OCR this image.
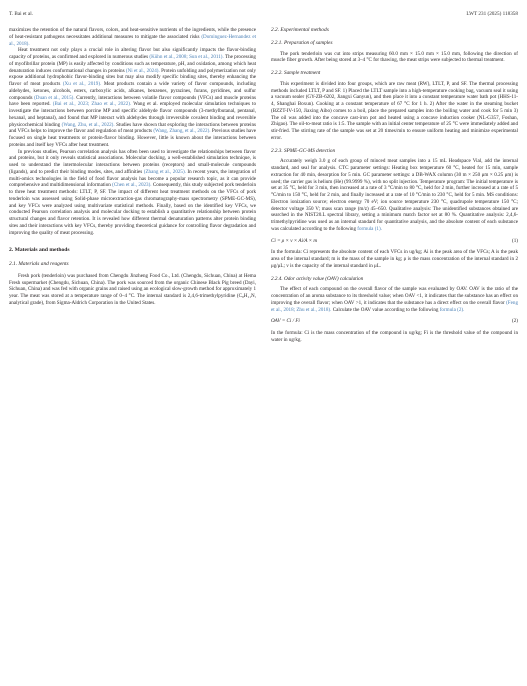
T. Bai et al.	LWT 231 (2025) 118358

maximizes the retention of the natural flavors, colors, and heat-sensitive nutrients of the ingredients, while the presence of heat-resistant pathogens necessitates additional measures to mitigate the associated risks (Dominguez-Hernandez et al., 2018).

Heat treatment not only plays a crucial role in altering flavor but also significantly impacts the flavor-binding capacity of proteins, as confirmed and explored in numerous studies (Kühn et al., 2008; Sun et al., 2011). The processing of myofibrillar protein (MP) is easily affected by conditions such as temperature, pH, and oxidation, among which heat denaturation induces conformational changes in proteins (Ni et al., 2024). Protein unfolding and polymerization not only expose additional hydrophobic flavor-binding sites but may also modify specific binding sites, thereby enhancing the flavor of meat products (Xu et al., 2019). Meat products contain a wide variety of flavor compounds, including aldehydes, ketones, alcohols, esters, carboxylic acids, alkanes, benzenes, pyrazines, furans, pyridines, and sulfur compounds (Duan et al., 2015). Currently, interactions between volatile flavor compounds (VFCs) and muscle proteins have been reported. (Bai et al., 2023; Zhao et al., 2022). Wang et al. employed molecular simulation techniques to investigate the interactions between porcine MP and specific aldehyde flavor compounds (3-methylbutanal, pentanal, hexanal, and heptanal), and found that MP interact with aldehydes through irreversible covalent binding and reversible physicochemical binding (Wang, Zhu, et al., 2022). Studies have shown that exploring the interactions between proteins and VFCs helps to improve the flavor and regulation of meat products (Wang, Zhang, et al., 2022). Previous studies have focused on single heat treatments or protein-flavor binding. However, little is known about the interactions between proteins and itself key VFCs after heat treatment.

In previous studies, Pearson correlation analysis has often been used to investigate the relationships between flavor and proteins, but it only reveals statistical associations. Molecular docking, a well-established simulation technique, is used to understand the intermolecular interactions between proteins (receptors) and small-molecule compounds (ligands), and to predict their binding modes, sites, and affinities (Zhang et al., 2025). In recent years, the integration of multi-omics technologies in the field of food flavor analysis has become a popular research topic, as it can provide comprehensive and multidimensional information (Chen et al., 2023). Consequently, this study subjected pork tenderloin to three heat treatment methods: LTLT, P, SF. The impact of different heat treatment methods on the VFCs of pork tenderloin was assessed using Solid-phase microextraction-gas chromatography-mass spectrometry (SPME-GC-MS), and key VFCs were analyzed using multivariate statistical methods. Finally, based on the identified key VFCs, we conducted Pearson correlation analysis and molecular docking to establish a quantitative relationship between protein structural changes and flavor retention. It is revealed how different thermal denaturation patterns alter protein binding sites and their interactions with key VFCs, thereby providing theoretical guidance for controlling flavor degradation and improving the quality of meat processing.

2. Materials and methods
2.1. Materials and reagents

Fresh pork (tenderloin) was purchased from Chengdu Jinzheng Food Co., Ltd. (Chengdu, Sichuan, China) at Hema Fresh supermarket (Chengdu, Sichuan, China). The pork was sourced from the organic Chinese Black Pig breed (Dayi, Sichuan, China) and was fed with organic grains and raised using an ecological slow-growth method for approximately 1 year. The meat was stored at a temperature range of 0–4 °C. The internal standard is 2,4,6-trimethylpyridine (C₈H₁₁N, analytical grade), from Sigma-Aldrich Corporation in the United States.

2.2. Experimental methods
2.2.1. Preparation of samples

The pork tenderloin was cut into strips measuring 60.0 mm × 15.0 mm × 15.0 mm, following the direction of muscle fiber growth. After being stored at 3–4 °C for thawing, the meat strips were subjected to thermal treatment.

2.2.2. Sample treatment

This experiment is divided into four groups, which are raw meat (RW), LTLT, P, and SF. The thermal processing methods included LTLT, P and SF. 1) Placed the LTLT sample into a high-temperature cooking bag, vacuum seal it using a vacuum sealer (GY-ZB-6202, Jiangxi Ganyun), and then place it into a constant temperature water bath pot (HHS-11-4, Shanghai Boxun). Cooking at a constant temperature of 67 °C for 1 h. 2) After the water in the steaming bucket (BZZT-IV-150, Jiaxing Aibo) comes to a boil, place the prepared samples into the boiling water and cook for 5 min 3) The oil was added into the concave cast-iron pot and heated using a concave induction cooker (NL-G357, Foshan, Zhigao). The oil-to-meat ratio is 1:5. The sample with an initial center temperature of 25 °C were immediately added and stir-fried. The stirring rate of the sample was set at 20 times/min to ensure uniform heating and minimize experimental error.

2.2.3. SPME-GC-MS detection

Accurately weigh 3.0 g of each group of minced meat samples into a 15 mL Headspace Vial, add the internal standard, and seal for analysis. CTC parameter settings: Heating box temperature 60 °C, heated for 15 min, sample extraction for 40 min, desorption for 5 min. GC parameter settings: a DB-WAX column (30 m × 250 μm × 0.25 μm) is used; the carrier gas is helium (He) (99.9999 %), with no split injection. Temperature program: The initial temperature is set at 35 °C, held for 3 min, then increased at a rate of 3 °C/min to 80 °C, held for 2 min, further increased at a rate of 5 °C/min to 150 °C, held for 2 min, and finally increased at a rate of 10 °C/min to 230 °C, held for 5 min. MS conditions: Electron ionization source; electron energy 70 eV; ion source temperature 230 °C, quadrupole temperature 150 °C; detector voltage 350 V; mass scan range (m/z) 45–650. Qualitative analysis: The unidentified substances obtained are searched in the NIST20.L spectral library, setting a minimum match factor set at 80 %. Quantitative analysis: 2,4,6-trimethylpyridine was used as an internal standard for quantitative analysis, and the absolute content of each substance was calculated according to the following formula (1).

Ci = ρ × v × Ai/A × m	(1)

In the formula: Ci represents the absolute content of each VFCs in ug/kg; Ai is the peak area of the VFCs; A is the peak area of the internal standard; m is the mass of the sample in kg; ρ is the mass concentration of the internal standard in 2 μg/μL; v is the capacity of the internal standard in μL.

2.2.4. Odor activity value (OAV) calculation

The effect of each compound on the overall flavor of the sample was evaluated by OAV. OAV is the ratio of the concentration of an aroma substance to its threshold value; when OAV <1, it indicates that the substance has an effect on improving the overall flavor; when OAV >1, it indicates that the substance has a direct effect on the overall flavor (Feng et al., 2018; Zhu et al., 2018). Calculate the OAV value according to the following formula (2).

OAV = Ci / Fi	(2)

In the formula: Ci is the mass concentration of the compound in ug/kg; Fi is the threshold value of the compound in water in ug/kg.
